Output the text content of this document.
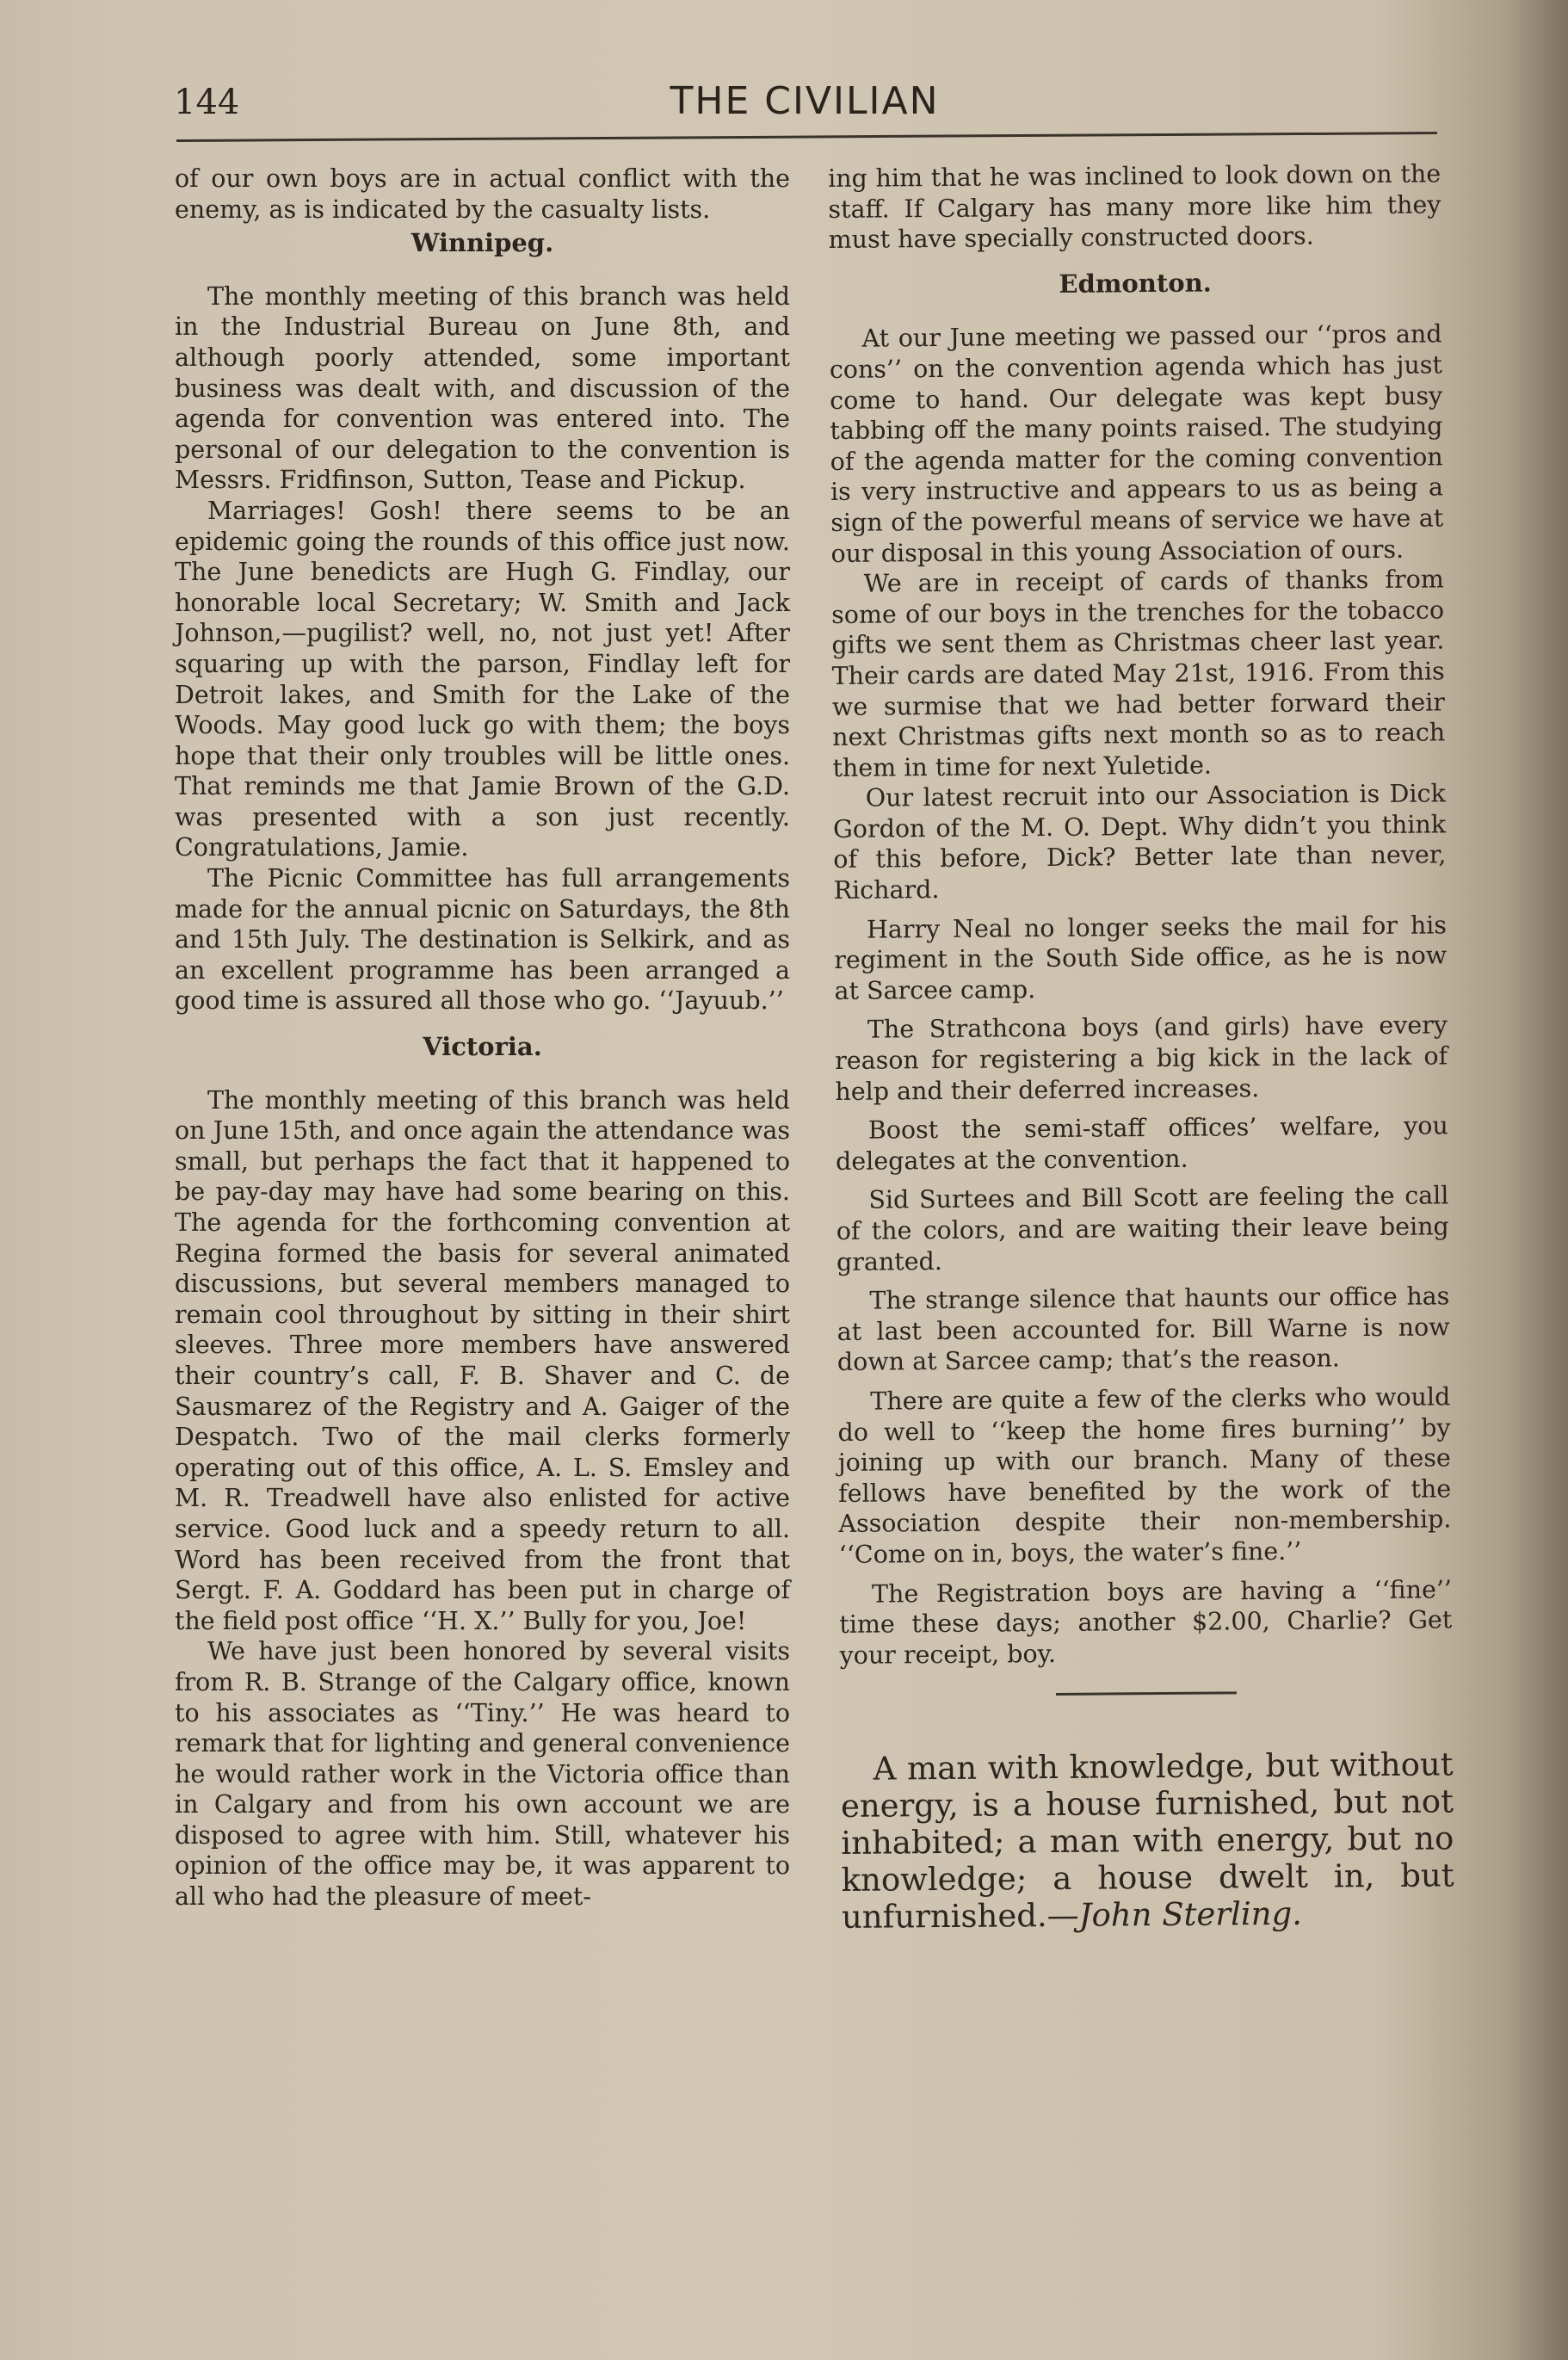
144	THE CIVILIAN

of our own boys are in actual conflict with the enemy, as is indicated by the casualty lists.

Winnipeg.

The monthly meeting of this branch was held in the Industrial Bureau on June 8th, and although poorly attended, some important business was dealt with, and discussion of the agenda for convention was entered into. The personal of our delegation to the convention is Messrs. Fridfinson, Sutton, Tease and Pickup.

Marriages! Gosh! there seems to be an epidemic going the rounds of this office just now. The June benedicts are Hugh G. Findlay, our honorable local Secretary; W. Smith and Jack Johnson,—pugilist? well, no, not just yet! After squaring up with the parson, Findlay left for Detroit lakes, and Smith for the Lake of the Woods. May good luck go with them; the boys hope that their only troubles will be little ones. That reminds me that Jamie Brown of the G.D. was presented with a son just recently. Congratulations, Jamie.

The Picnic Committee has full arrangements made for the annual picnic on Saturdays, the 8th and 15th July. The destination is Selkirk, and as an excellent programme has been arranged a good time is assured all those who go. ‘‘Jayuub.’’

Victoria.

The monthly meeting of this branch was held on June 15th, and once again the attendance was small, but perhaps the fact that it happened to be pay-day may have had some bearing on this. The agenda for the forthcoming convention at Regina formed the basis for several animated discussions, but several members managed to remain cool throughout by sitting in their shirt sleeves. Three more members have answered their country’s call, F. B. Shaver and C. de Sausmarez of the Registry and A. Gaiger of the Despatch. Two of the mail clerks formerly operating out of this office, A. L. S. Emsley and M. R. Treadwell have also enlisted for active service. Good luck and a speedy return to all. Word has been received from the front that Sergt. F. A. Goddard has been put in charge of the field post office ‘‘H. X.’’ Bully for you, Joe!

We have just been honored by several visits from R. B. Strange of the Calgary office, known to his associates as ‘‘Tiny.’’ He was heard to remark that for lighting and general convenience he would rather work in the Victoria office than in Calgary and from his own account we are disposed to agree with him. Still, whatever his opinion of the office may be, it was apparent to all who had the pleasure of meet-

ing him that he was inclined to look down on the staff. If Calgary has many more like him they must have specially constructed doors.

Edmonton.

At our June meeting we passed our ‘‘pros and cons’’ on the convention agenda which has just come to hand. Our delegate was kept busy tabbing off the many points raised. The studying of the agenda matter for the coming convention is very instructive and appears to us as being a sign of the powerful means of service we have at our disposal in this young Association of ours.

We are in receipt of cards of thanks from some of our boys in the trenches for the tobacco gifts we sent them as Christmas cheer last year. Their cards are dated May 21st, 1916. From this we surmise that we had better forward their next Christmas gifts next month so as to reach them in time for next Yuletide.

Our latest recruit into our Association is Dick Gordon of the M. O. Dept. Why didn’t you think of this before, Dick? Better late than never, Richard.

Harry Neal no longer seeks the mail for his regiment in the South Side office, as he is now at Sarcee camp.

The Strathcona boys (and girls) have every reason for registering a big kick in the lack of help and their deferred increases.

Boost the semi-staff offices’ welfare, you delegates at the convention.

Sid Surtees and Bill Scott are feeling the call of the colors, and are waiting their leave being granted.

The strange silence that haunts our office has at last been accounted for. Bill Warne is now down at Sarcee camp; that’s the reason.

There are quite a few of the clerks who would do well to ‘‘keep the home fires burning’’ by joining up with our branch. Many of these fellows have benefited by the work of the Association despite their non-membership. ‘‘Come on in, boys, the water’s fine.’’

The Registration boys are having a ‘‘fine’’ time these days; another $2.00, Charlie? Get your receipt, boy.

A man with knowledge, but without energy, is a house furnished, but not inhabited; a man with energy, but no knowledge; a house dwelt in, but unfurnished.—John Sterling.
